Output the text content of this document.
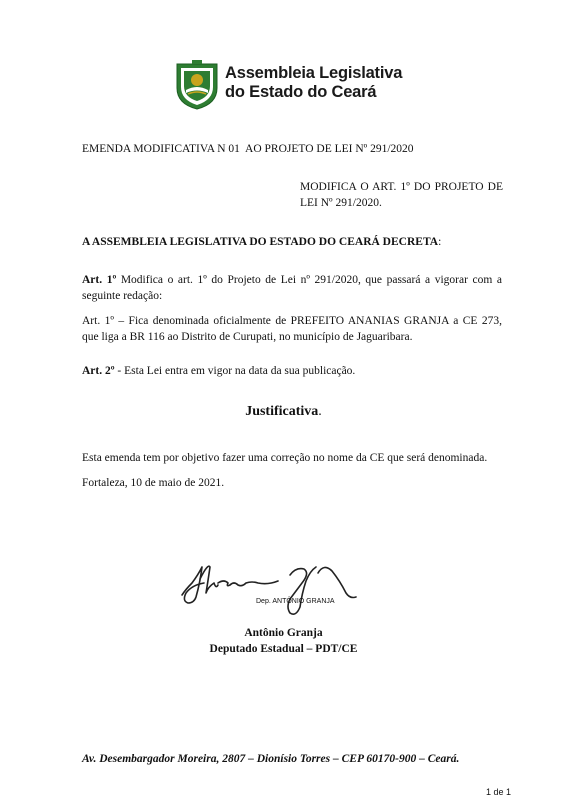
Assembleia Legislativa
do Estado do Ceará
EMENDA MODIFICATIVA N 01  AO PROJETO DE LEI Nº 291/2020
MODIFICA O ART. 1º DO PROJETO DE LEI Nº 291/2020.
A ASSEMBLEIA LEGISLATIVA DO ESTADO DO CEARÁ DECRETA:
Art. 1º Modifica o art. 1º do Projeto de Lei nº 291/2020, que passará a vigorar com a seguinte redação:
Art. 1º – Fica denominada oficialmente de PREFEITO ANANIAS GRANJA a CE 273, que liga a BR 116 ao Distrito de Curupati, no município de Jaguaribara.
Art. 2º - Esta Lei entra em vigor na data da sua publicação.
Justificativa.
Esta emenda tem por objetivo fazer uma correção no nome da CE que será denominada.
Fortaleza, 10 de maio de 2021.
Dep. ANTÔNIO GRANJA
Antônio Granja
Deputado Estadual – PDT/CE
Av. Desembargador Moreira, 2807 – Dionísio Torres – CEP 60170-900 – Ceará.
1 de 1
